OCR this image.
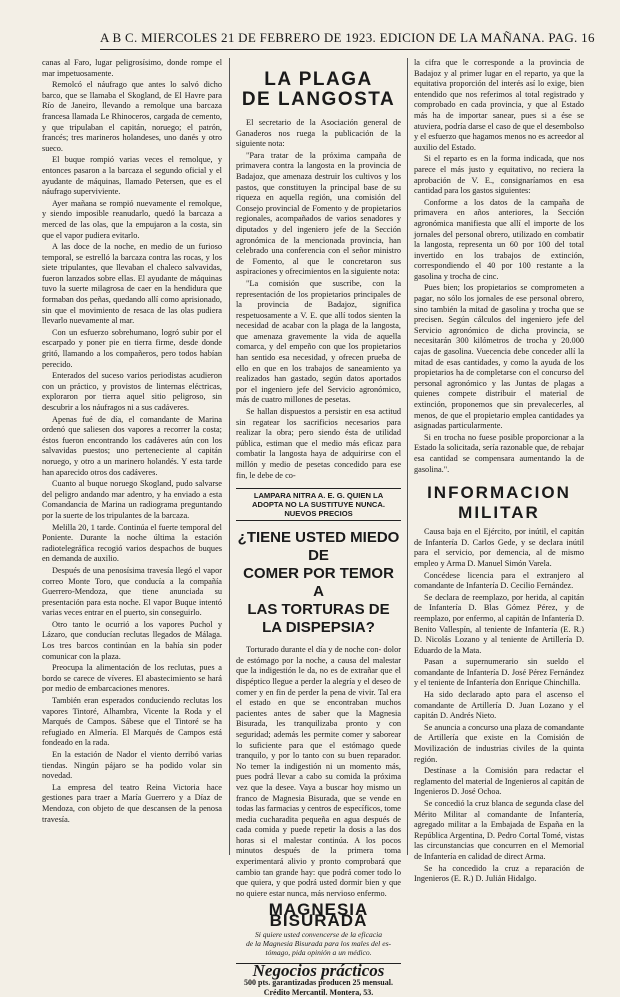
A B C. MIERCOLES 21 DE FEBRERO DE 1923. EDICION DE LA MAÑANA. PAG. 16

canas al Faro, lugar peligrosísimo, donde rompe el mar impetuosamente.

Remolcó el náufrago que antes lo salvó dicho barco, que se llamaba el Skogland, de El Havre para Río de Janeiro, llevando a remolque una barcaza francesa llamada Le Rhinoceros, cargada de cemento, y que tripulaban el capitán, noruego; el patrón, francés; tres marineros holandeses, uno danés y otro sueco.

El buque rompió varias veces el remolque, y entonces pasaron a la barcaza el segundo oficial y el ayudante de máquinas, llamado Petersen, que es el náufrago superviviente.

Ayer mañana se rompió nuevamente el remolque, y siendo imposible reanudarlo, quedó la barcaza a merced de las olas, que la empujaron a la costa, sin que el vapor pudiera evitarlo.

A las doce de la noche, en medio de un furioso temporal, se estrelló la barcaza contra las rocas, y los siete tripulantes, que llevaban el chaleco salvavidas, fueron lanzados sobre ellas. El ayudante de máquinas tuvo la suerte milagrosa de caer en la hendidura que formaban dos peñas, quedando allí como aprisionado, sin que el movimiento de resaca de las olas pudiera llevarlo nuevamente al mar.

Con un esfuerzo sobrehumano, logró subir por el escarpado y poner pie en tierra firme, desde donde gritó, llamando a los compañeros, pero todos habían perecido.

Enterados del suceso varios periodistas acudieron con un práctico, y provistos de linternas eléctricas, exploraron por tierra aquel sitio peligroso, sin descubrir a los náufragos ni a sus cadáveres.

Apenas fué de día, el comandante de Marina ordenó que saliesen dos vapores a recorrer la costa; éstos fueron encontrando los cadáveres aún con los salvavidas puestos; uno perteneciente al capitán noruego, y otro a un marinero holandés. Y esta tarde han aparecido otros dos cadáveres.

Cuanto al buque noruego Skogland, pudo salvarse del peligro andando mar adentro, y ha enviado a esta Comandancia de Marina un radiograma preguntando por la suerte de los tripulantes de la barcaza.

Melilla 20, 1 tarde. Continúa el fuerte temporal del Poniente. Durante la noche última la estación radiotelegráfica recogió varios despachos de buques en demanda de auxilio.

Después de una penosísima travesía llegó el vapor correo Monte Toro, que conducía a la compañía Guerrero-Mendoza, que tiene anunciada su presentación para esta noche. El vapor Buque intentó varias veces entrar en el puerto, sin conseguirlo.

Otro tanto le ocurrió a los vapores Puchol y Lázaro, que conducían reclutas llegados de Málaga. Los tres barcos continúan en la bahía sin poder comunicar con la plaza.

Preocupa la alimentación de los reclutas, pues a bordo se carece de víveres. El abastecimiento se hará por medio de embarcaciones menores.

También eran esperados conduciendo reclutas los vapores Tintoré, Alhambra, Vicente la Roda y el Marqués de Campos. Sábese que el Tintoré se ha refugiado en Almería. El Marqués de Campos está fondeado en la rada.

En la estación de Nador el viento derribó varias tiendas. Ningún pájaro se ha podido volar sin novedad.

La empresa del teatro Reina Victoria hace gestiones para traer a María Guerrero y a Díaz de Mendoza, con objeto de que descansen de la penosa travesía.

LA PLAGA
DE LANGOSTA

El secretario de la Asociación general de Ganaderos nos ruega la publicación de la siguiente nota:

"Para tratar de la próxima campaña de primavera contra la langosta en la provincia de Badajoz, que amenaza destruir los cultivos y los pastos, que constituyen la principal base de su riqueza en aquella región, una comisión del Consejo provincial de Fomento y de propietarios regionales, acompañados de varios senadores y diputados y del ingeniero jefe de la Sección agronómica de la mencionada provincia, han celebrado una conferencia con el señor ministro de Fomento, al que le concretaron sus aspiraciones y ofrecimientos en la siguiente nota:

"La comisión que suscribe, con la representación de los propietarios principales de la provincia de Badajoz, significa respetuosamente a V. E. que allí todos sienten la necesidad de acabar con la plaga de la langosta, que amenaza gravemente la vida de aquella comarca, y del empeño con que los propietarios han sentido esa necesidad, y ofrecen prueba de ello en que en los trabajos de saneamiento ya realizados han gastado, según datos aportados por el ingeniero jefe del Servicio agronómico, más de cuatro millones de pesetas.

Se hallan dispuestos a persistir en esa actitud sin regatear los sacrificios necesarios para realizar la obra; pero siendo ésta de utilidad pública, estiman que el medio más eficaz para combatir la langosta haya de adquirirse con el millón y medio de pesetas concedido para ese fin, le debe de co-

LAMPARA NITRA A. E. G. QUIEN LA
ADOPTA NO LA SUSTITUYE NUNCA.
NUEVOS PRECIOS
¿TIENE USTED MIEDO DE
COMER POR TEMOR A
LAS TORTURAS DE
LA DISPEPSIA?

Torturado durante el día y de noche con- dolor de estómago por la noche, a causa del malestar que la indigestión le da, no es de extrañar que el dispéptico llegue a perder la alegría y el deseo de comer y en fin de perder la pena de vivir. Tal era el estado en que se encontraban muchos pacientes antes de saber que la Magnesia Bisurada, les tranquilizaba pronto y con seguridad; además les permite comer y saborear lo suficiente para que el estómago quede tranquilo, y por lo tanto con su buen reparador. No temer la indigestión ni un momento más, pues podrá llevar a cabo su comida la próxima vez que la desee. Vaya a buscar hoy mismo un franco de Magnesia Bisurada, que se vende en todas las farmacias y centros de específicos, tome media cucharadita pequeña en agua después de cada comida y puede repetir la dosis a las dos horas si el malestar continúa. A los pocos minutos después de la primera toma experimentará alivio y pronto comprobará que cambio tan grande hay: que podrá comer todo lo que quiera, y que podrá usted dormir bien y que no quiere estar nunca, más nervioso enfermo.

MAGNESIA BISURADA
Si quiere usted convencerse de la eficacia
de la Magnesia Bisurada para los males del es-
tómago, pida opinión a un médico.
Negocios prácticos
500 pts. garantizadas producen 25 mensual.
Crédito Mercantil. Montera, 53.

la cifra que le corresponde a la provincia de Badajoz y al primer lugar en el reparto, ya que la equitativa proporción del interés así lo exige, bien entendido que nos referimos al total registrado y comprobado en cada provincia, y que al Estado más ha de importar sanear, pues si a ése se atuviera, podría darse el caso de que el desembolso y el esfuerzo que hagamos menos no es acreedor al auxilio del Estado.

Si el reparto es en la forma indicada, que nos parece el más justo y equitativo, no reciera la aprobación de V. E., consignaríamos en esa cantidad para los gastos siguientes:

Conforme a los datos de la campaña de primavera en años anteriores, la Sección agronómica manifiesta que allí el importe de los jornales del personal obrero, utilizado en combatir la langosta, representa un 60 por 100 del total invertido en los trabajos de extinción, correspondiendo el 40 por 100 restante a la gasolina y trocha de cinc.

Pues bien; los propietarios se comprometen a pagar, no sólo los jornales de ese personal obrero, sino también la mitad de gasolina y trocha que se precisen. Según cálculos del ingeniero jefe del Servicio agronómico de dicha provincia, se necesitarán 300 kilómetros de trocha y 20.000 cajas de gasolina. Vuecencia debe conceder allí la mitad de esas cantidades, y como la ayuda de los propietarios ha de completarse con el concurso del personal agronómico y las Juntas de plagas a quienes compete distribuir el material de extinción, proponemos que sin prevalecerles, al menos, de que el propietario emplea cantidades ya asignadas particularmente.

Si en trocha no fuese posible proporcionar a la Estado la solicitada, sería razonable que, de rebajar esa cantidad se compensara aumentando la de gasolina.".

INFORMACION
MILITAR

Causa baja en el Ejército, por inútil, el capitán de Infantería D. Carlos Gede, y se declara inútil para el servicio, por demencia, al de mismo empleo y Arma D. Manuel Simón Varela.

Concédese licencia para el extranjero al comandante de Infantería D. Cecilio Fernández.

Se declara de reemplazo, por herida, al capitán de Infantería D. Blas Gómez Pérez, y de reemplazo, por enfermo, al capitán de Infantería D. Benito Vallespín, al teniente de Infantería (E. R.) D. Nicolás Lozano y al teniente de Artillería D. Eduardo de la Mata.

Pasan a supernumerario sin sueldo el comandante de Infantería D. José Pérez Fernández y el teniente de Infantería don Enrique Chinchilla.

Ha sido declarado apto para el ascenso el comandante de Artillería D. Juan Lozano y el capitán D. Andrés Nieto.

Se anuncia a concurso una plaza de comandante de Artillería que existe en la Comisión de Movilización de industrias civiles de la quinta región.

Destínase a la Comisión para redactar el reglamento del material de Ingenieros al capitán de Ingenieros D. José Ochoa.

Se concedió la cruz blanca de segunda clase del Mérito Militar al comandante de Infantería, agregado militar a la Embajada de España en la República Argentina, D. Pedro Cortal Tomé, vistas las circunstancias que concurren en el Memorial de Infantería en calidad de direct Arma.

Se ha concedido la cruz a reparación de Ingenieros (E. R.) D. Julián Hidalgo.
